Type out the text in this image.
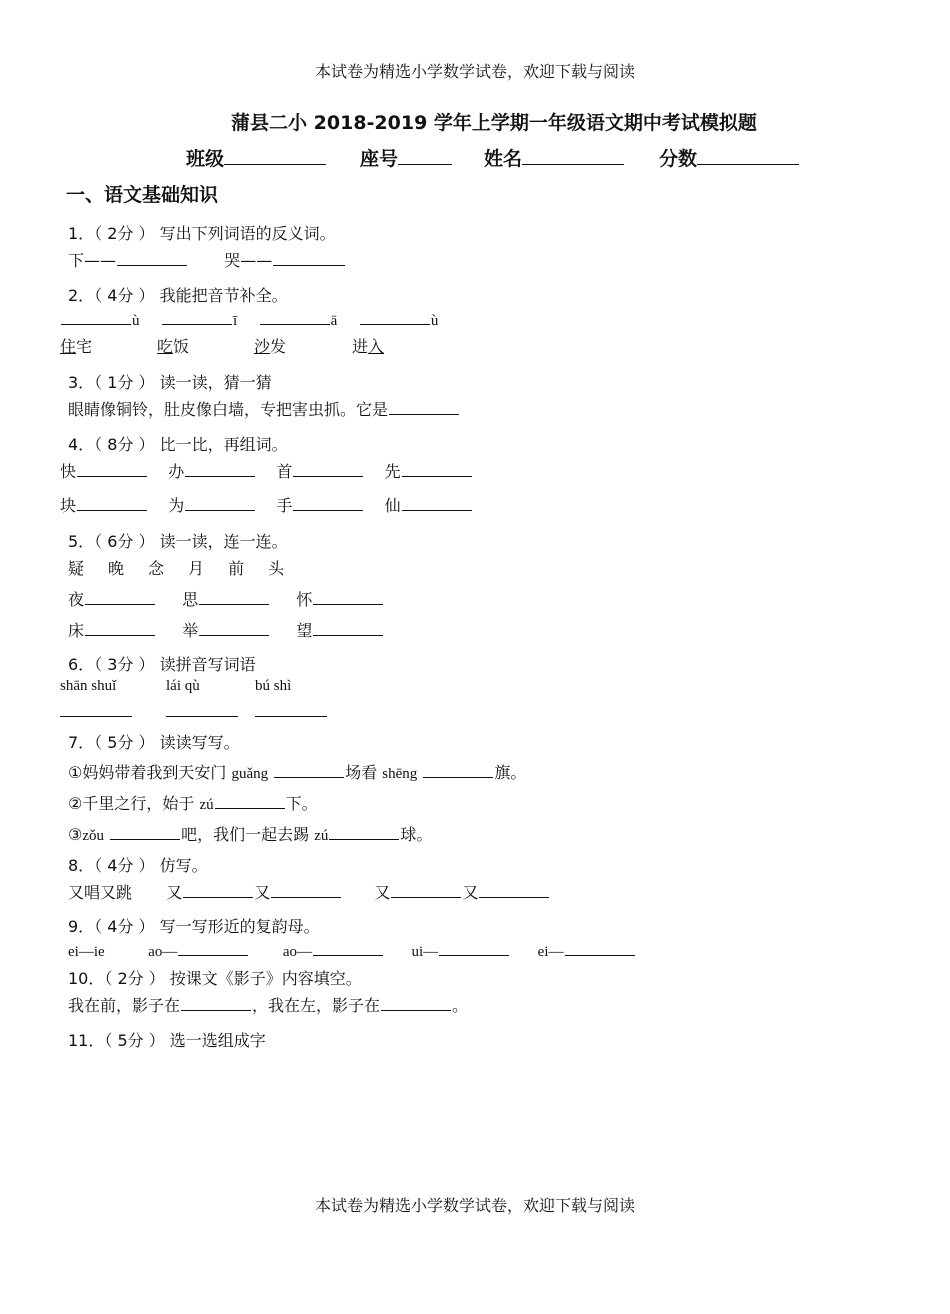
本试卷为精选小学数学试卷，欢迎下载与阅读
蒲县二小 2018-2019 学年上学期一年级语文期中考试模拟题
班级	座号	姓名	分数
一、语文基础知识
1．（ 2分 ） 写出下列词语的反义词。
下——	哭——
2．（ 4分 ） 我能把音节补全。
ù	ī	ā	ù
住宅	吃饭	沙发	进入
3．（ 1分 ） 读一读，猜一猜
眼睛像铜铃，肚皮像白墙，专把害虫抓。它是
4．（ 8分 ） 比一比，再组词。
快	办	首	先
块	为	手	仙
5．（ 6分 ） 读一读，连一连。
疑 晚 念 月 前 头
夜	思	怀
床	举	望
6．（ 3分 ） 读拼音写词语
shān shuǐ	lái qù	bú shì
7．（ 5分 ） 读读写写。
①妈妈带着我到天安门 guǎng	场看 shēng	旗。
②千里之行，始于 zú	下。
③zǒu	吧，我们一起去踢 zú	球。
8．（ 4分 ） 仿写。
又唱又跳 又	又	又	又
9．（ 4分 ） 写一写形近的复韵母。
ei—ie	ao—	ao—	ui—	ei—
10．（ 2分 ） 按课文《影子》内容填空。
我在前，影子在	，我在左，影子在	。
11．（ 5分 ） 选一选组成字
本试卷为精选小学数学试卷，欢迎下载与阅读
